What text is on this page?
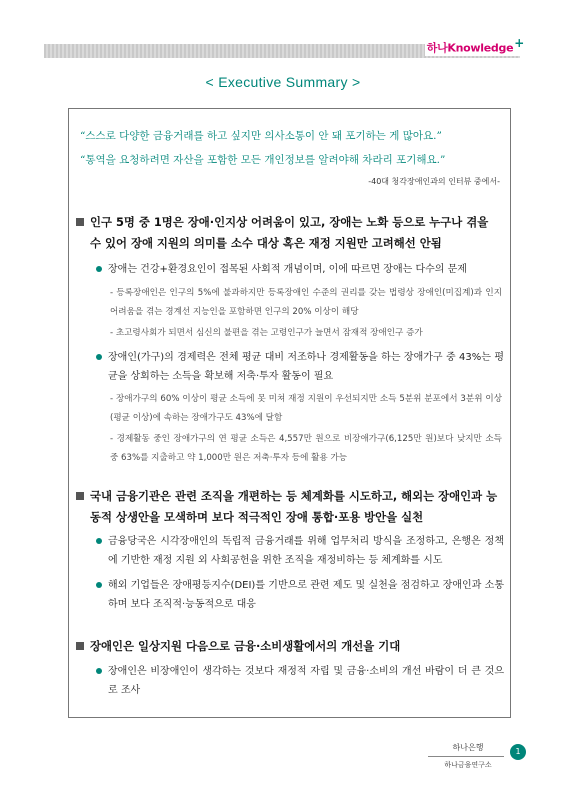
하나Knowledge+
< Executive Summary >
“스스로 다양한 금융거래를 하고 싶지만 의사소통이 안 돼 포기하는 게 많아요.”
“통역을 요청하려면 자산을 포함한 모든 개인정보를 알려야해 차라리 포기해요.”
-40대 청각장애인과의 인터뷰 중에서-
인구 5명 중 1명은 장애·인지상 어려움이 있고, 장애는 노화 등으로 누구나 겪을 수 있어 장애 지원의 의미를 소수 대상 혹은 재정 지원만 고려해선 안됨
장애는 건강+환경요인이 접목된 사회적 개념이며, 이에 따르면 장애는 다수의 문제
- 등록장애인은 인구의 5%에 불과하지만 등록장애인 수준의 권리를 갖는 법령상 장애인(미집계)과 인지 어려움을 겪는 경계선 지능인을 포함하면 인구의 20% 이상이 해당
- 초고령사회가 되면서 심신의 불편을 겪는 고령인구가 늘면서 잠재적 장애인구 증가
장애인(가구)의 경제력은 전체 평균 대비 저조하나 경제활동을 하는 장애가구 중 43%는 평균을 상회하는 소득을 확보해 저축·투자 활동이 필요
- 장애가구의 60% 이상이 평균 소득에 못 미쳐 재정 지원이 우선되지만 소득 5분위 분포에서 3분위 이상(평균 이상)에 속하는 장애가구도 43%에 달함
- 경제활동 중인 장애가구의 연 평균 소득은 4,557만 원으로 비장애가구(6,125만 원)보다 낮지만 소득 중 63%를 지출하고 약 1,000만 원은 저축·투자 등에 활용 가능
국내 금융기관은 관련 조직을 개편하는 등 체계화를 시도하고, 해외는 장애인과 능동적 상생안을 모색하며 보다 적극적인 장애 통합·포용 방안을 실천
금융당국은 시각장애인의 독립적 금융거래를 위해 업무처리 방식을 조정하고, 은행은 정책에 기반한 재정 지원 외 사회공헌을 위한 조직을 재정비하는 등 체계화를 시도
해외 기업들은 장애평등지수(DEI)를 기반으로 관련 제도 및 실천을 점검하고 장애인과 소통하며 보다 조직적·능동적으로 대응
장애인은 일상지원 다음으로 금융·소비생활에서의 개선을 기대
장애인은 비장애인이 생각하는 것보다 재정적 자립 및 금융·소비의 개선 바람이 더 큰 것으로 조사
하나은행
하나금융연구소
1
